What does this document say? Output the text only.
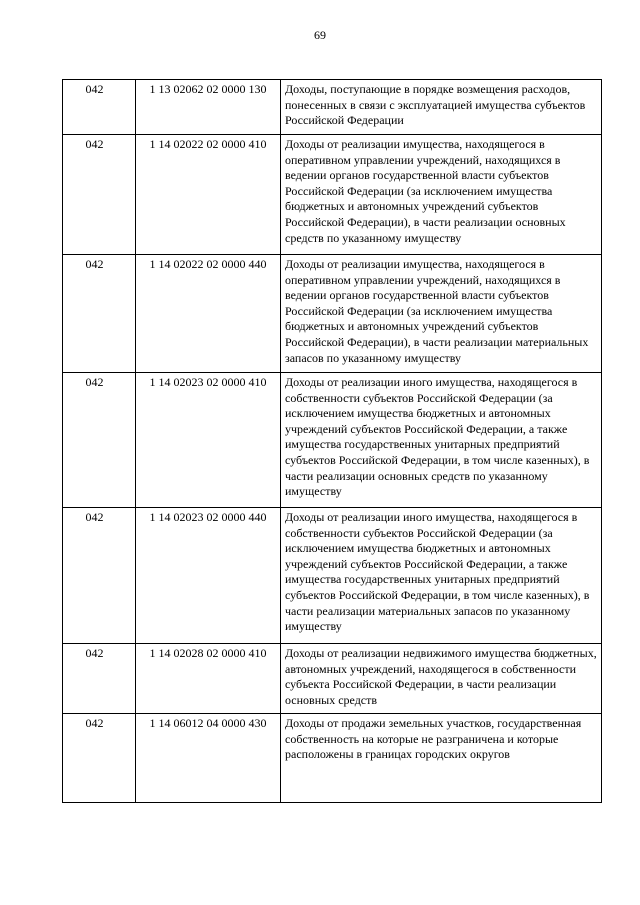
69
042	1 13 02062 02 0000 130	Доходы, поступающие в порядке возмещения расходов, понесенных в связи с эксплуатацией имущества субъектов Российской Федерации
042	1 14 02022 02 0000 410	Доходы от реализации имущества, находящегося в оперативном управлении учреждений, находящихся в ведении органов государственной власти субъектов Российской Федерации (за исключением имущества бюджетных и автономных учреждений субъектов Российской Федерации), в части реализации основных средств по указанному имуществу
042	1 14 02022 02 0000 440	Доходы от реализации имущества, находящегося в оперативном управлении учреждений, находящихся в ведении органов государственной власти субъектов Российской Федерации (за исключением имущества бюджетных и автономных учреждений субъектов Российской Федерации), в части реализации материальных запасов по указанному имуществу
042	1 14 02023 02 0000 410	Доходы от реализации иного имущества, находящегося в собственности субъектов Российской Федерации (за исключением имущества бюджетных и автономных учреждений субъектов Российской Федерации, а также имущества государственных унитарных предприятий субъектов Российской Федерации, в том числе казенных), в части реализации основных средств по указанному имуществу
042	1 14 02023 02 0000 440	Доходы от реализации иного имущества, находящегося в собственности субъектов Российской Федерации (за исключением имущества бюджетных и автономных учреждений субъектов Российской Федерации, а также имущества государственных унитарных предприятий субъектов Российской Федерации, в том числе казенных), в части реализации материальных запасов по указанному имуществу
042	1 14 02028 02 0000 410	Доходы от реализации недвижимого имущества бюджетных, автономных учреждений, находящегося в собственности субъекта Российской Федерации, в части реализации основных средств
042	1 14 06012 04 0000 430	Доходы от продажи земельных участков, государственная собственность на которые не разграничена и которые расположены в границах городских округов
